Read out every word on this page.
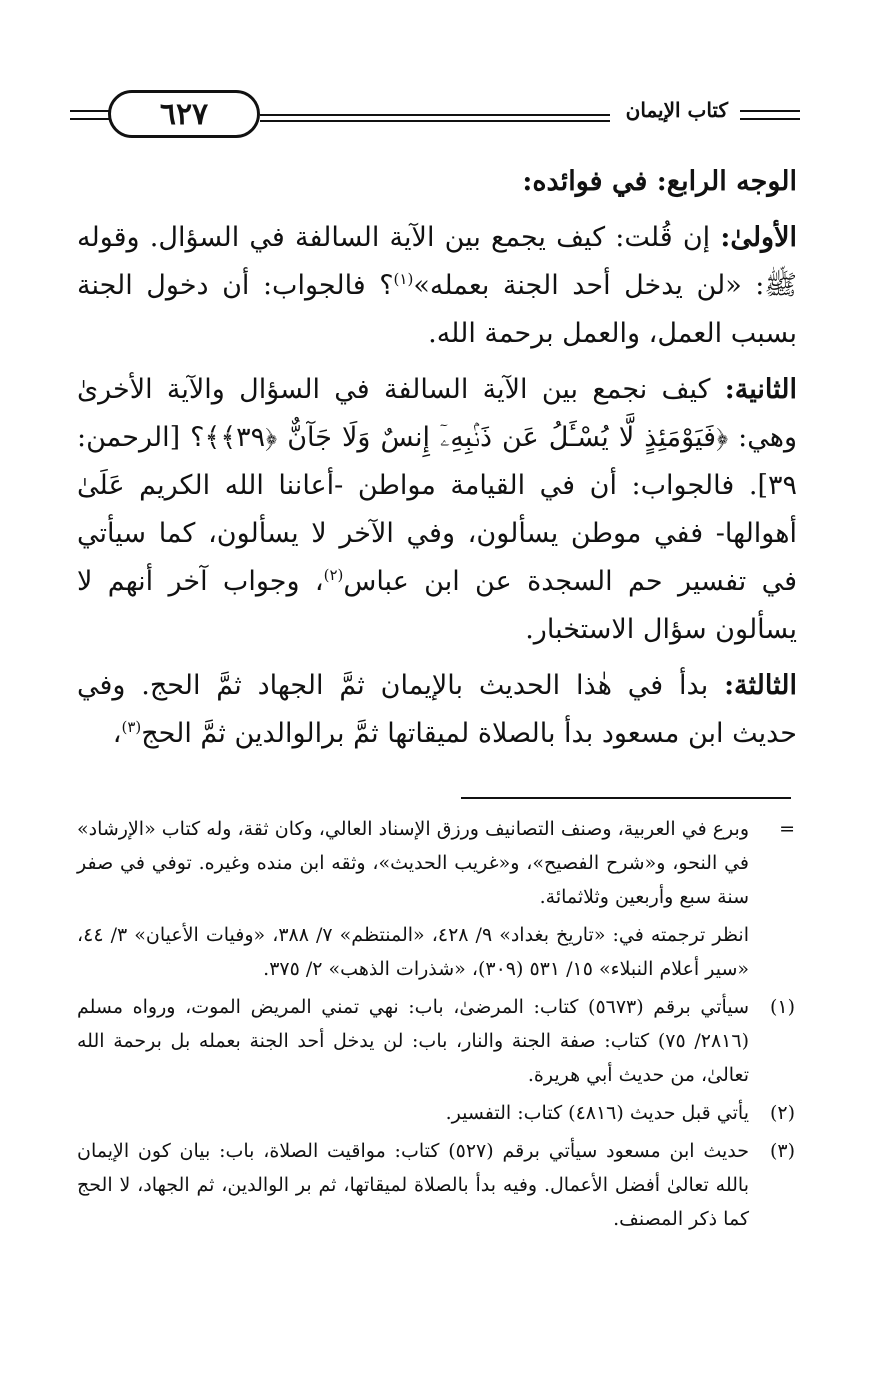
٦٢٧	كتاب الإيمان

الوجه الرابع: في فوائده:

الأولىٰ: إن قُلت: كيف يجمع بين الآية السالفة في السؤال. وقوله ﷺ: «لن يدخل أحد الجنة بعمله»$^{(١)}$؟ فالجواب: أن دخول الجنة بسبب العمل، والعمل برحمة الله.

الثانية: كيف نجمع بين الآية السالفة في السؤال والآية الأخرىٰ وهي: ﴿فَيَوْمَئِذٍ لَّا يُسْـَٔلُ عَن ذَنۢبِهِۦٓ إِنسٌ وَلَا جَآنٌّ ﴿٣٩﴾﴾؟ [الرحمن: ٣٩]. فالجواب: أن في القيامة مواطن -أعاننا الله الكريم عَلَىٰ أهوالها- ففي موطن يسألون، وفي الآخر لا يسألون، كما سيأتي في تفسير حم السجدة عن ابن عباس$^{(٢)}$، وجواب آخر أنهم لا يسألون سؤال الاستخبار.

الثالثة: بدأ في هٰذا الحديث بالإيمان ثمَّ الجهاد ثمَّ الحج. وفي حديث ابن مسعود بدأ بالصلاة لميقاتها ثمَّ برالوالدين ثمَّ الحج$^{(٣)}$،

=
وبرع في العربية، وصنف التصانيف ورزق الإسناد العالي، وكان ثقة، وله كتاب «الإرشاد» في النحو، و«شرح الفصيح»، و«غريب الحديث»، وثقه ابن منده وغيره. توفي في صفر سنة سبع وأربعين وثلاثمائة.
انظر ترجمته في: «تاريخ بغداد» ٩/ ٤٢٨، «المنتظم» ٧/ ٣٨٨، «وفيات الأعيان» ٣/ ٤٤، «سير أعلام النبلاء» ١٥/ ٥٣١ (٣٠٩)، «شذرات الذهب» ٢/ ٣٧٥.
(١)
سيأتي برقم (٥٦٧٣) كتاب: المرضىٰ، باب: نهي تمني المريض الموت، ورواه مسلم (٢٨١٦/ ٧٥) كتاب: صفة الجنة والنار، باب: لن يدخل أحد الجنة بعمله بل برحمة الله تعالىٰ، من حديث أبي هريرة.
(٢)
يأتي قبل حديث (٤٨١٦) كتاب: التفسير.
(٣)
حديث ابن مسعود سيأتي برقم (٥٢٧) كتاب: مواقيت الصلاة، باب: بيان كون الإيمان بالله تعالىٰ أفضل الأعمال. وفيه بدأ بالصلاة لميقاتها، ثم بر الوالدين، ثم الجهاد، لا الحج كما ذكر المصنف.
